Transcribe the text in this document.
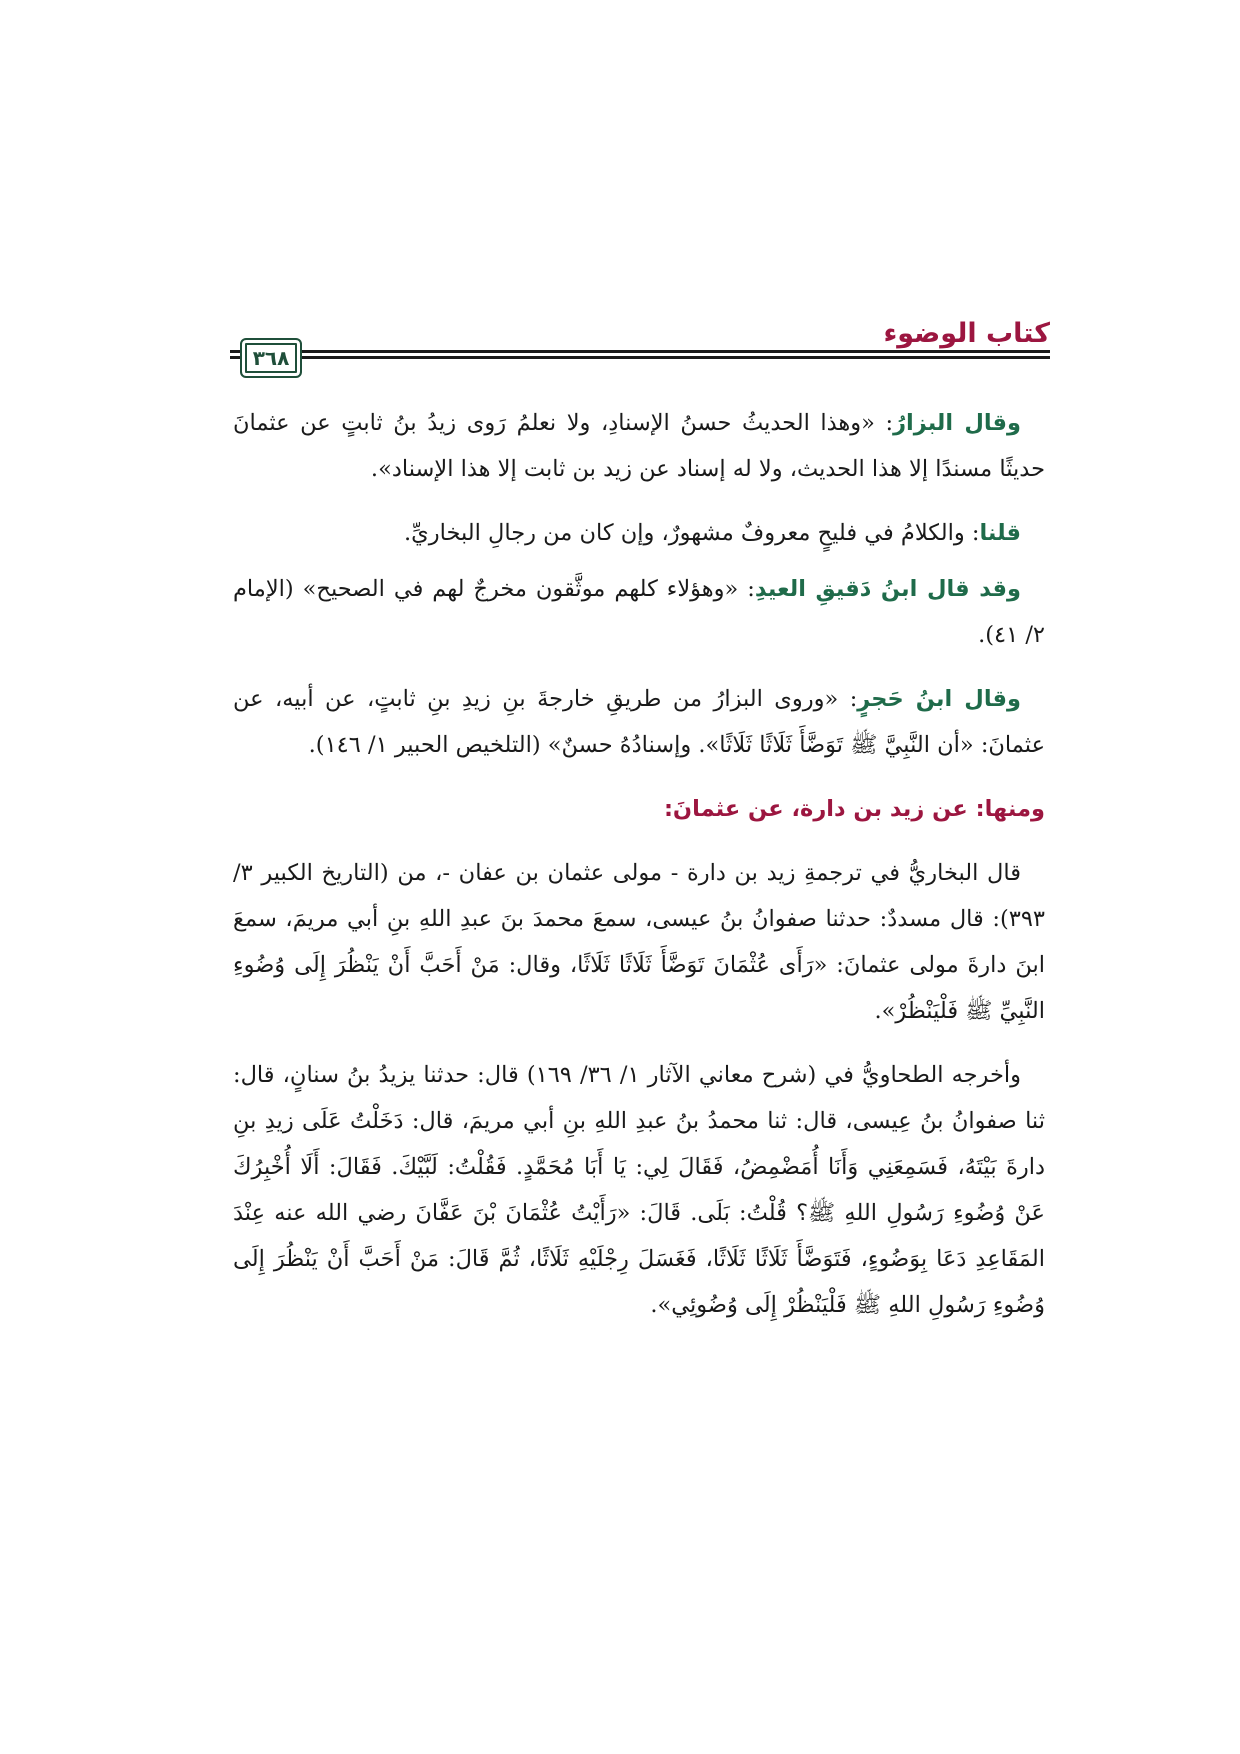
كتاب الوضوء
٣٦٨

وقال البزارُ: «وهذا الحديثُ حسنُ الإسنادِ، ولا نعلمُ رَوى زيدُ بنُ ثابتٍ عن عثمانَ حديثًا مسندًا إلا هذا الحديث، ولا له إسناد عن زيد بن ثابت إلا هذا الإسناد».

قلنا: والكلامُ في فليحٍ معروفٌ مشهورٌ، وإن كان من رجالِ البخاريِّ.

وقد قال ابنُ دَقيقِ العيدِ: «وهؤلاء كلهم موثَّقون مخرجٌ لهم في الصحيح» (الإمام ٢/ ٤١).

وقال ابنُ حَجرٍ: «وروى البزارُ من طريقِ خارجةَ بنِ زيدِ بنِ ثابتٍ، عن أبيه، عن عثمانَ: «أن النَّبِيَّ ﷺ تَوَضَّأَ ثَلَاثًا ثَلَاثًا». وإسنادُهُ حسنٌ» (التلخيص الحبير ١/ ١٤٦).

ومنها: عن زيد بن دارة، عن عثمانَ:

قال البخاريُّ في ترجمةِ زيد بن دارة - مولى عثمان بن عفان -، من (التاريخ الكبير ٣/ ٣٩٣): قال مسددٌ: حدثنا صفوانُ بنُ عيسى، سمعَ محمدَ بنَ عبدِ اللهِ بنِ أبي مريمَ، سمعَ ابنَ دارةَ مولى عثمانَ: «رَأَى عُثْمَانَ تَوَضَّأَ ثَلَاثًا ثَلَاثًا، وقال: مَنْ أَحَبَّ أَنْ يَنْظُرَ إِلَى وُضُوءِ النَّبِيِّ ﷺ فَلْيَنْظُرْ».

وأخرجه الطحاويُّ في (شرح معاني الآثار ١/ ٣٦/ ١٦٩) قال: حدثنا يزيدُ بنُ سنانٍ، قال: ثنا صفوانُ بنُ عِيسى، قال: ثنا محمدُ بنُ عبدِ اللهِ بنِ أبي مريمَ، قال: دَخَلْتُ عَلَى زيدِ بنِ دارةَ بَيْتَهُ، فَسَمِعَنِي وَأَنَا أُمَضْمِضُ، فَقَالَ لِي: يَا أَبَا مُحَمَّدٍ. فَقُلْتُ: لَبَّيْكَ. فَقَالَ: أَلَا أُخْبِرُكَ عَنْ وُضُوءِ رَسُولِ اللهِ ﷺ؟ قُلْتُ: بَلَى. قَالَ: «رَأَيْتُ عُثْمَانَ بْنَ عَفَّانَ رضي الله عنه عِنْدَ المَقَاعِدِ دَعَا بِوَضُوءٍ، فَتَوَضَّأَ ثَلَاثًا ثَلَاثًا، فَغَسَلَ رِجْلَيْهِ ثَلَاثًا، ثُمَّ قَالَ: مَنْ أَحَبَّ أَنْ يَنْظُرَ إِلَى وُضُوءِ رَسُولِ اللهِ ﷺ فَلْيَنْظُرْ إِلَى وُضُوئِي».
